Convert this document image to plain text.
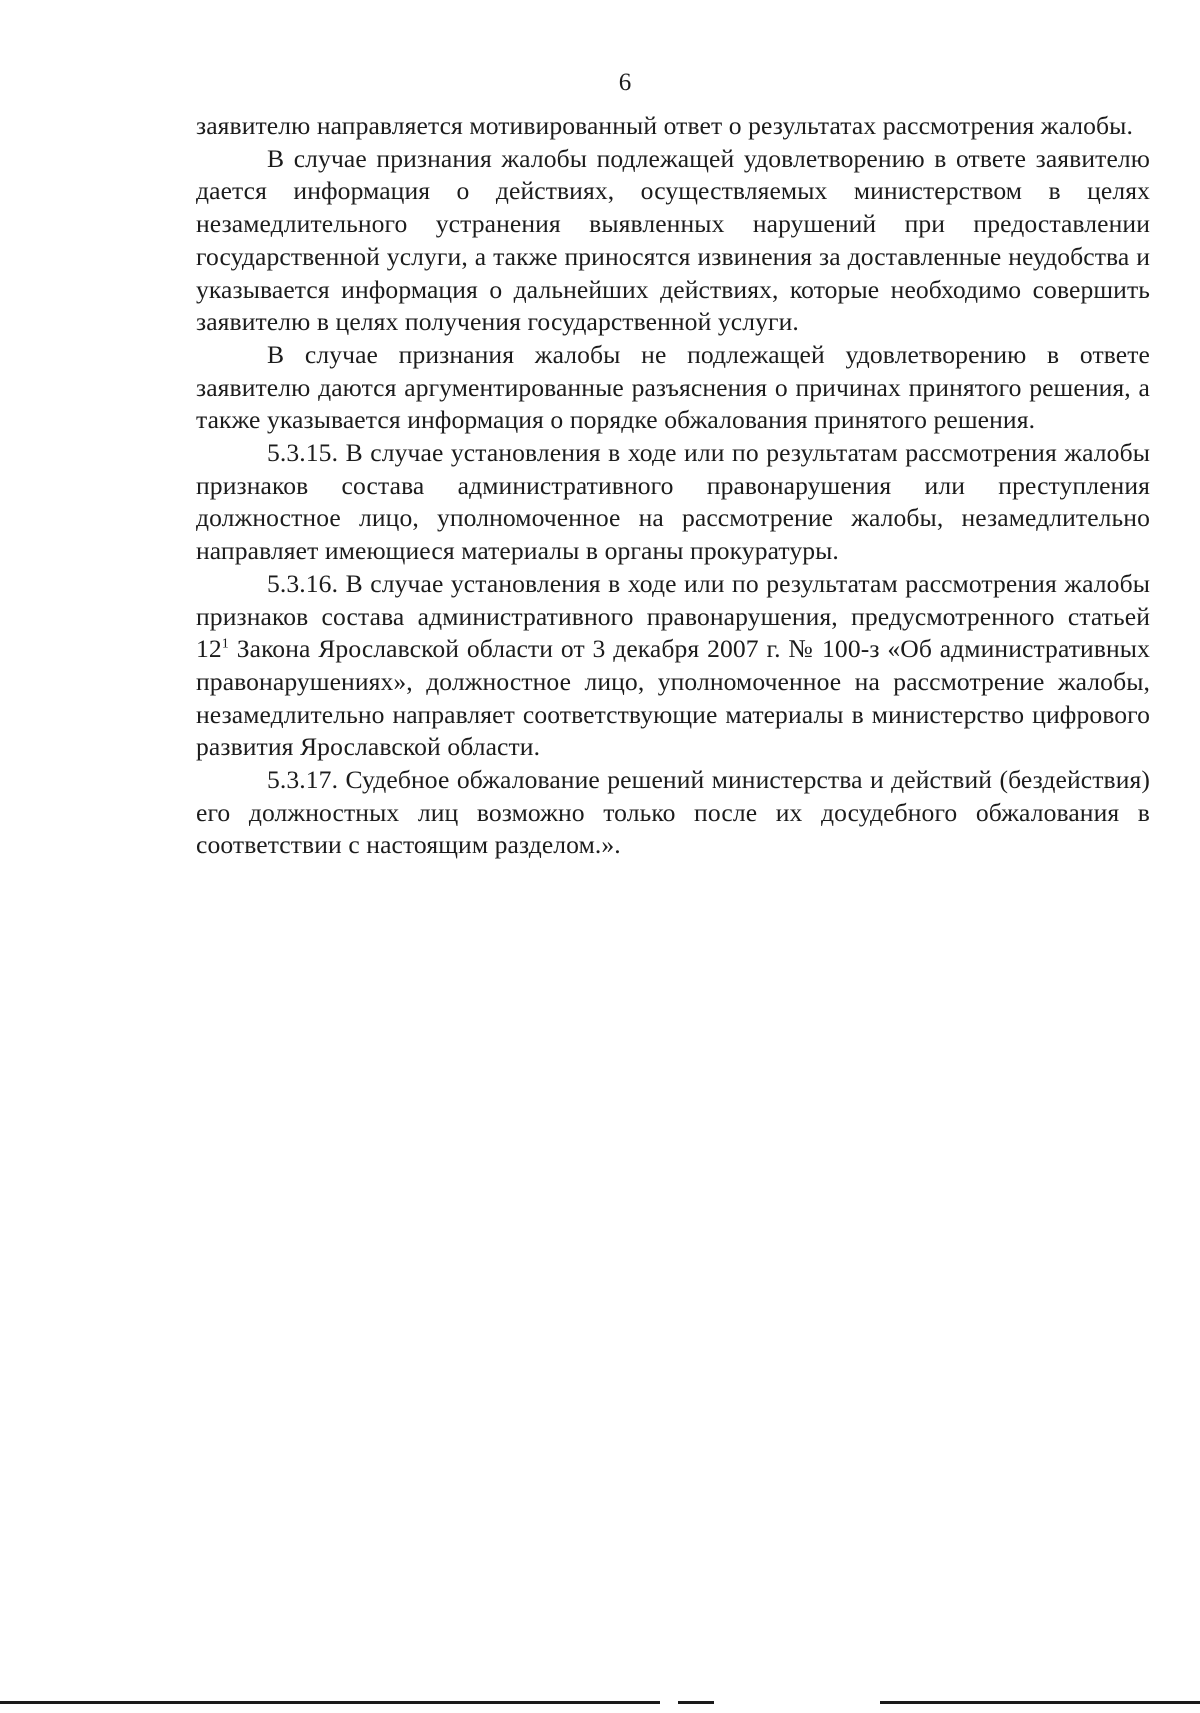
6

заявителю направляется мотивированный ответ о результатах рассмотрения жалобы.

В случае признания жалобы подлежащей удовлетворению в ответе заявителю дается информация о действиях, осуществляемых министерством в целях незамедлительного устранения выявленных нарушений при предоставлении государственной услуги, а также приносятся извинения за доставленные неудобства и указывается информация о дальнейших действиях, которые необходимо совершить заявителю в целях получения государственной услуги.

В случае признания жалобы не подлежащей удовлетворению в ответе заявителю даются аргументированные разъяснения о причинах принятого решения, а также указывается информация о порядке обжалования принятого решения.

5.3.15. В случае установления в ходе или по результатам рассмотрения жалобы признаков состава административного правонарушения или преступления должностное лицо, уполномоченное на рассмотрение жалобы, незамедлительно направляет имеющиеся материалы в органы прокуратуры.

5.3.16. В случае установления в ходе или по результатам рассмотрения жалобы признаков состава административного правонарушения, предусмотренного статьей $12^1$ Закона Ярославской области от 3 декабря 2007 г. № 100-з «Об административных правонарушениях», должностное лицо, уполномоченное на рассмотрение жалобы, незамедлительно направляет соответствующие материалы в министерство цифрового развития Ярославской области.

5.3.17. Судебное обжалование решений министерства и действий (бездействия) его должностных лиц возможно только после их досудебного обжалования в соответствии с настоящим разделом.».
